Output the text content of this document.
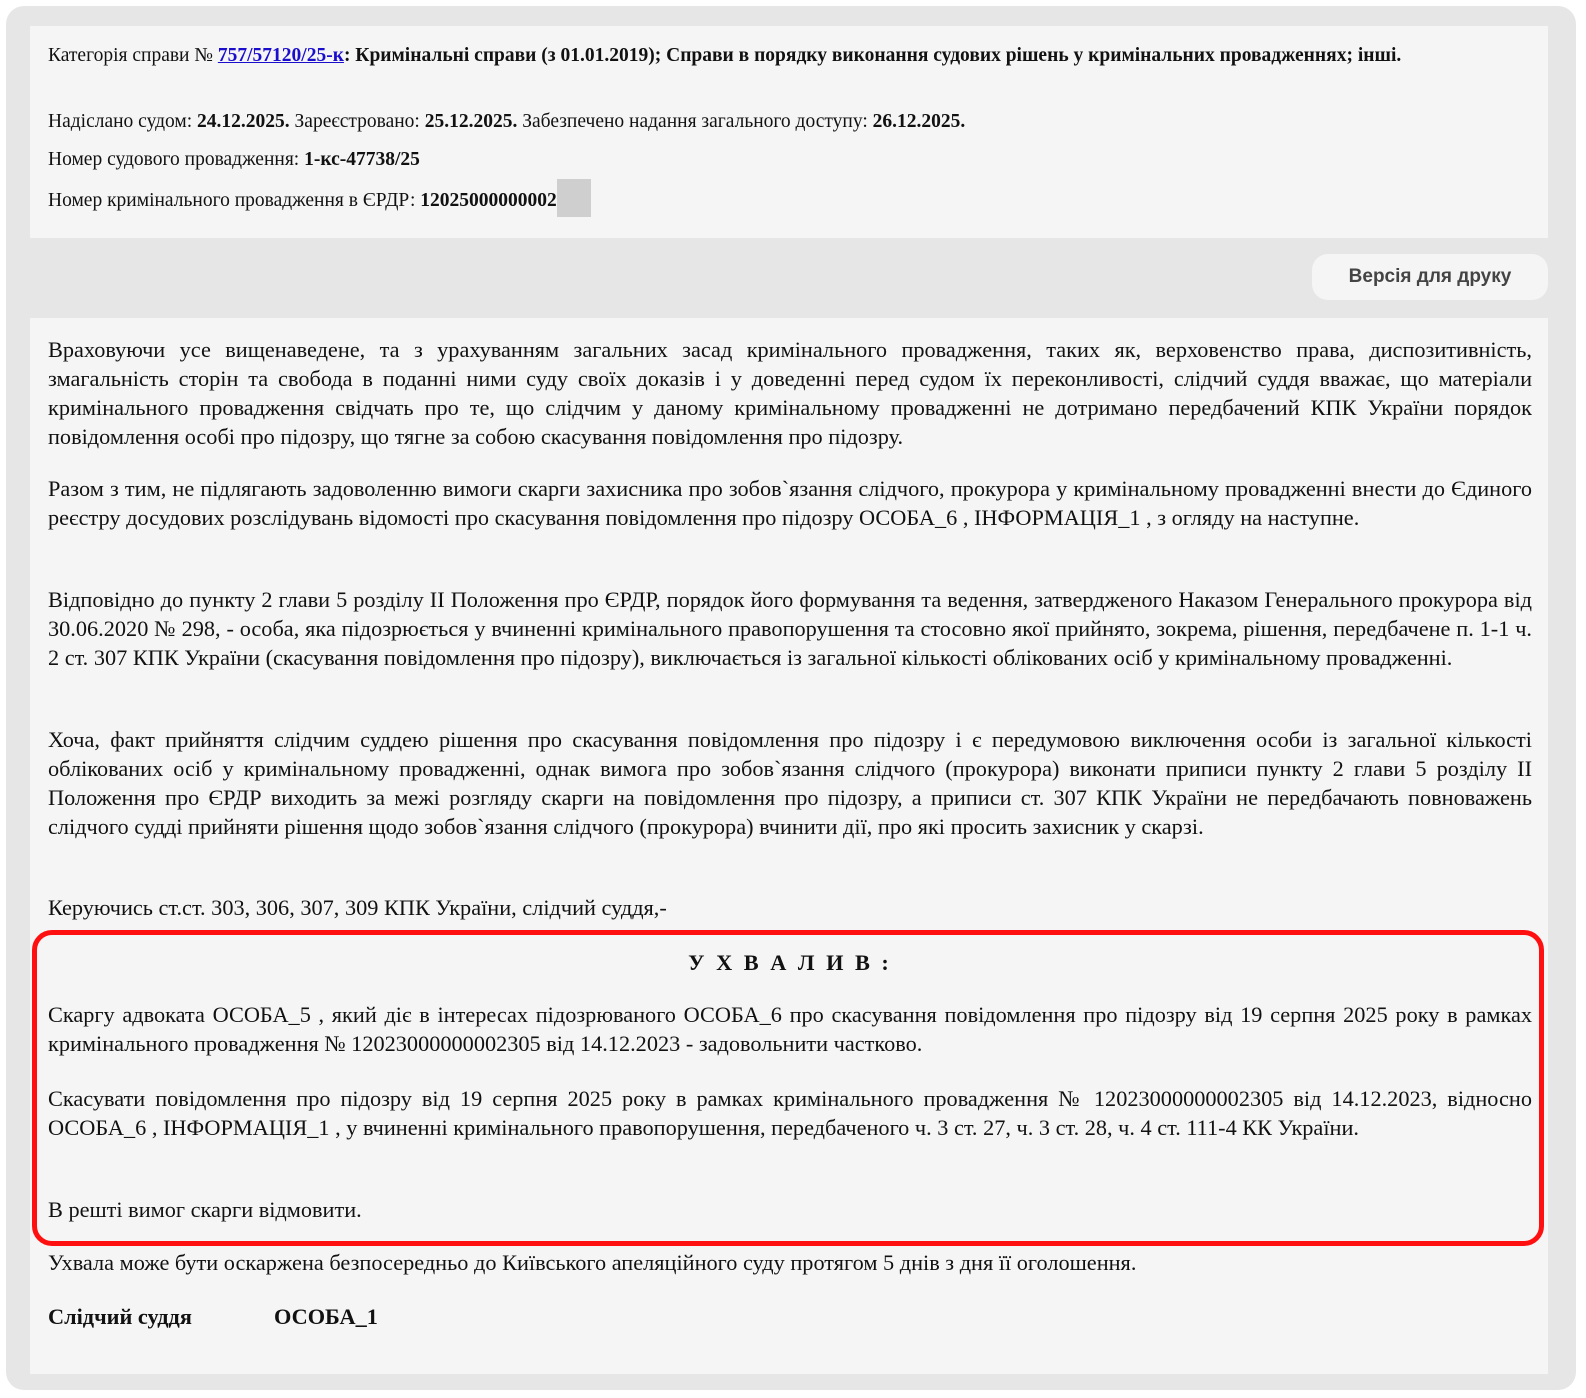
Категорія справи № 757/57120/25-к: Кримінальні справи (з 01.01.2019); Справи в порядку виконання судових рішень у кримінальних провадженнях; інші.

Надіслано судом: 24.12.2025. Зареєстровано: 25.12.2025. Забезпечено надання загального доступу: 26.12.2025.

Номер судового провадження: 1-кс-47738/25

Номер кримінального провадження в ЄРДР: 12025000000002

Версія для друку

Враховуючи усе вищенаведене, та з урахуванням загальних засад кримінального провадження, таких як, верховенство права, диспозитивність, змагальність сторін та свобода в поданні ними суду своїх доказів і у доведенні перед судом їх переконливості, слідчий суддя вважає, що матеріали кримінального провадження свідчать про те, що слідчим у даному кримінальному провадженні не дотримано передбачений КПК України порядок повідомлення особі про підозру, що тягне за собою скасування повідомлення про підозру.

Разом з тим, не підлягають задоволенню вимоги скарги захисника про зобов`язання слідчого, прокурора у кримінальному провадженні внести до Єдиного реєстру досудових розслідувань відомості про скасування повідомлення про підозру ОСОБА_6 , ІНФОРМАЦІЯ_1 , з огляду на наступне.

Відповідно до пункту 2 глави 5 розділу II Положення про ЄРДР, порядок його формування та ведення, затвердженого Наказом Генерального прокурора від 30.06.2020 № 298, - особа, яка підозрюється у вчиненні кримінального правопорушення та стосовно якої прийнято, зокрема, рішення, передбачене п. 1-1 ч. 2 ст. 307 КПК України (скасування повідомлення про підозру), виключається із загальної кількості облікованих осіб у кримінальному провадженні.

Хоча, факт прийняття слідчим суддею рішення про скасування повідомлення про підозру і є передумовою виключення особи із загальної кількості облікованих осіб у кримінальному провадженні, однак вимога про зобов`язання слідчого (прокурора) виконати приписи пункту 2 глави 5 розділу II Положення про ЄРДР виходить за межі розгляду скарги на повідомлення про підозру, а приписи ст. 307 КПК України не передбачають повноважень слідчого судді прийняти рішення щодо зобов`язання слідчого (прокурора) вчинити дії, про які просить захисник у скарзі.

Керуючись ст.ст. 303, 306, 307, 309 КПК України, слідчий суддя,-

У Х В А Л И В :

Скаргу адвоката ОСОБА_5 , який діє в інтересах підозрюваного ОСОБА_6 про скасування повідомлення про підозру від 19 серпня 2025 року в рамках кримінального провадження № 12023000000002305 від 14.12.2023 - задовольнити частково.

Скасувати повідомлення про підозру від 19 серпня 2025 року в рамках кримінального провадження № 12023000000002305 від 14.12.2023, відносно ОСОБА_6 , ІНФОРМАЦІЯ_1 , у вчиненні кримінального правопорушення, передбаченого ч. 3 ст. 27, ч. 3 ст. 28, ч. 4 ст. 111-4 КК України.

В решті вимог скарги відмовити.

Ухвала може бути оскаржена безпосередньо до Київського апеляційного суду протягом 5 днів з дня її оголошення.

Слідчий суддя	ОСОБА_1
